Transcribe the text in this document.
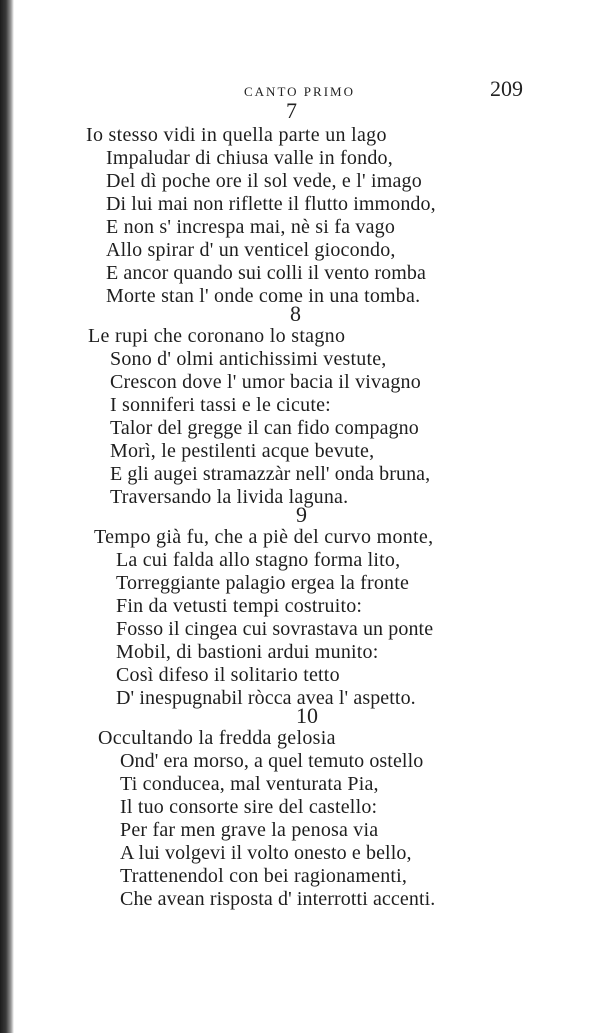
CANTO PRIMO	209
7
Io stesso vidi in quella parte un lago
Impaludar di chiusa valle in fondo,
Del dì poche ore il sol vede, e l' imago
Di lui mai non riflette il flutto immondo,
E non s' increspa mai, nè si fa vago
Allo spirar d' un venticel giocondo,
E ancor quando sui colli il vento romba
Morte stan l' onde come in una tomba.
8
Le rupi che coronano lo stagno
Sono d' olmi antichissimi vestute,
Crescon dove l' umor bacia il vivagno
I sonniferi tassi e le cicute:
Talor del gregge il can fido compagno
Morì, le pestilenti acque bevute,
E gli augei stramazzàr nell' onda bruna,
Traversando la livida laguna.
9
Tempo già fu, che a piè del curvo monte,
La cui falda allo stagno forma lito,
Torreggiante palagio ergea la fronte
Fin da vetusti tempi costruito:
Fosso il cingea cui sovrastava un ponte
Mobil, di bastioni ardui munito:
Così difeso il solitario tetto
D' inespugnabil ròcca avea l' aspetto.
10
Occultando la fredda gelosia
Ond' era morso, a quel temuto ostello
Ti conducea, mal venturata Pia,
Il tuo consorte sire del castello:
Per far men grave la penosa via
A lui volgevi il volto onesto e bello,
Trattenendol con bei ragionamenti,
Che avean risposta d' interrotti accenti.
